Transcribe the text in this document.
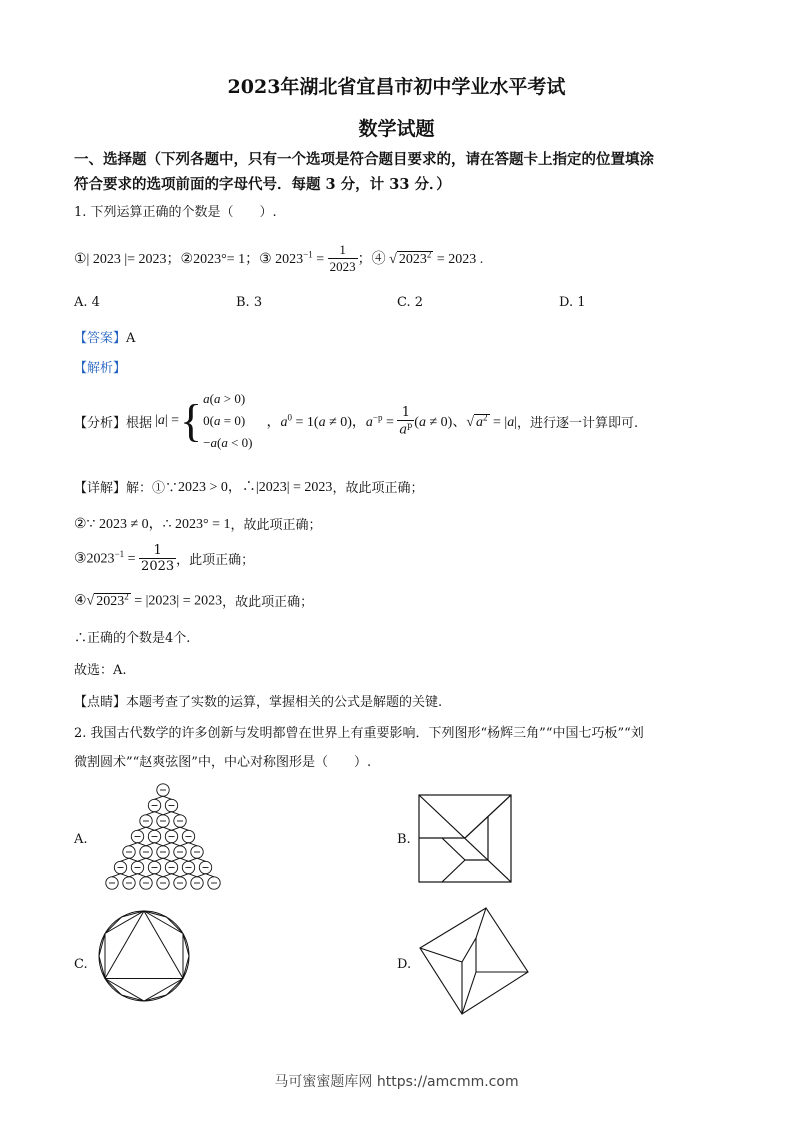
2023年湖北省宜昌市初中学业水平考试
数学试题
一、选择题（下列各题中，只有一个选项是符合题目要求的，请在答题卡上指定的位置填涂
符合要求的选项前面的字母代号．每题 3 分，计 33 分．）
1. 下列运算正确的个数是（　　）.
①| 2023 |= 2023；②2023°= 1；③ $2023^{-1} = \frac{1}{2023}$ ；④ √ $2023^2 = 2023$ .
A. 4	B. 3	C. 2	D. 1
【答案】A
【解析】
【分析】 根据 |a| = { a(a > 0)
0(a = 0)
−a(a < 0)
，$a^0 = 1(a \ne 0)$，$a^{-p} = \frac{1}{a^p} (a \ne 0)$、√ $a^2 = |a|$ ，进行逐一计算即可.
【详解】 解：①∵ 2023 > 0，∴|2023| = 2023 ，故此项正确；
②∵ 2023 ≠ 0，∴ 2023° = 1 ，故此项正确；
$③2023^{-1} = \frac{1}{2023}$ ，此项正确；
④√ $2023^2 = |2023| = 2023$ ，故此项正确；
∴正确的个数是4个.
故选：A.
【点睛】本题考查了实数的运算，掌握相关的公式是解题的关键.
2. 我国古代数学的许多创新与发明都曾在世界上有重要影响．下列图形“杨辉三角”“中国七巧板”“刘
微割圆术”“赵爽弦图”中，中心对称图形是（　　）.
A.	B.
C.	D.
马可蜜蜜题库网 https://amcmm.com
